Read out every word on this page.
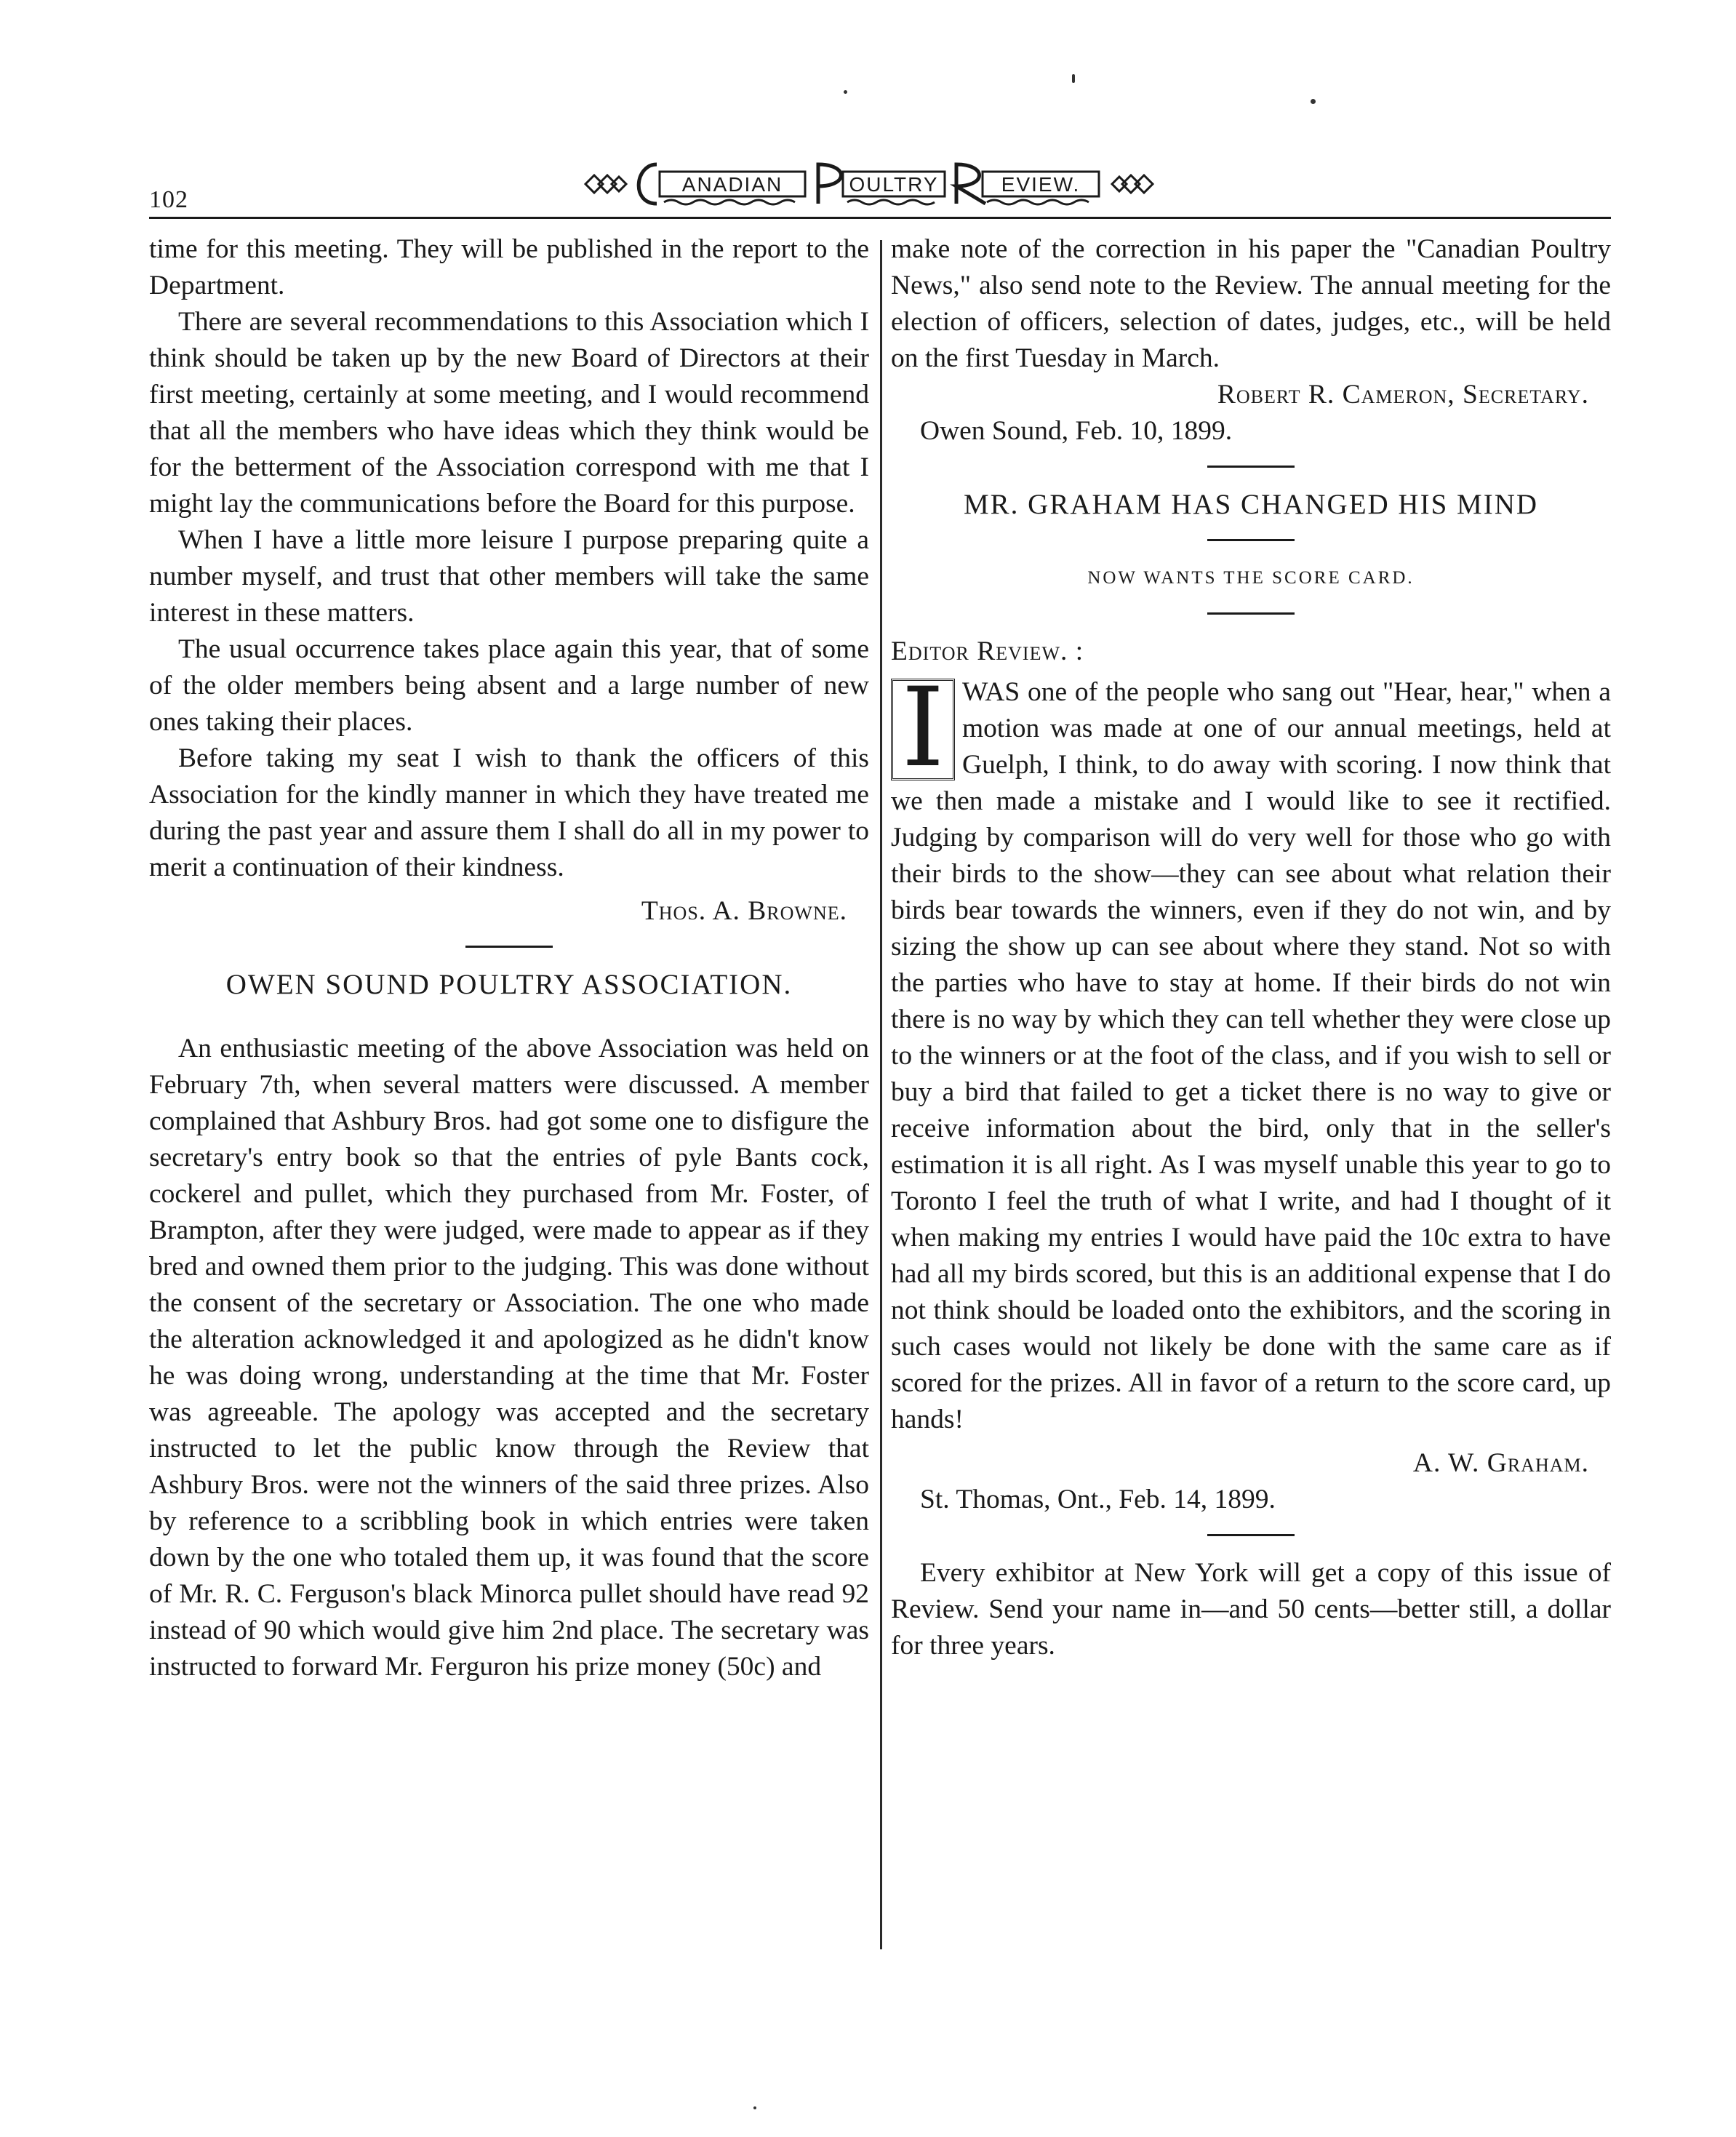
102
ANADIAN	OULTRY	EVIEW.

time for this meeting. They will be published in the report to the Department.

There are several recommendations to this Association which I think should be taken up by the new Board of Directors at their first meeting, certainly at some meeting, and I would recommend that all the members who have ideas which they think would be for the betterment of the Association correspond with me that I might lay the communications before the Board for this purpose.

When I have a little more leisure I purpose preparing quite a number myself, and trust that other members will take the same interest in these matters.

The usual occurrence takes place again this year, that of some of the older members being absent and a large number of new ones taking their places.

Before taking my seat I wish to thank the officers of this Association for the kindly manner in which they have treated me during the past year and assure them I shall do all in my power to merit a continuation of their kindness.

Thos. A. Browne.

OWEN SOUND POULTRY ASSOCIATION.

An enthusiastic meeting of the above Association was held on February 7th, when several matters were discussed. A member complained that Ashbury Bros. had got some one to disfigure the secretary's entry book so that the entries of pyle Bants cock, cockerel and pullet, which they purchased from Mr. Foster, of Brampton, after they were judged, were made to appear as if they bred and owned them prior to the judging. This was done without the consent of the secretary or Association. The one who made the alteration acknowledged it and apologized as he didn't know he was doing wrong, understanding at the time that Mr. Foster was agreeable. The apology was accepted and the secretary instructed to let the public know through the Review that Ashbury Bros. were not the winners of the said three prizes. Also by reference to a scribbling book in which entries were taken down by the one who totaled them up, it was found that the score of Mr. R. C. Ferguson's black Minorca pullet should have read 92 instead of 90 which would give him 2nd place. The secretary was instructed to forward Mr. Ferguron his prize money (50c) and

make note of the correction in his paper the "Canadian Poultry News," also send note to the Review. The annual meeting for the election of officers, selection of dates, judges, etc., will be held on the first Tuesday in March.

Robert R. Cameron, Secretary.

Owen Sound, Feb. 10, 1899.

MR. GRAHAM HAS CHANGED HIS MIND

NOW WANTS THE SCORE CARD.

Editor Review. :

I WAS one of the people who sang out "Hear, hear," when a motion was made at one of our annual meetings, held at Guelph, I think, to do away with scoring. I now think that we then made a mistake and I would like to see it rectified. Judging by comparison will do very well for those who go with their birds to the show—they can see about what relation their birds bear towards the winners, even if they do not win, and by sizing the show up can see about where they stand. Not so with the parties who have to stay at home. If their birds do not win there is no way by which they can tell whether they were close up to the winners or at the foot of the class, and if you wish to sell or buy a bird that failed to get a ticket there is no way to give or receive information about the bird, only that in the seller's estimation it is all right. As I was myself unable this year to go to Toronto I feel the truth of what I write, and had I thought of it when making my entries I would have paid the 10c extra to have had all my birds scored, but this is an additional expense that I do not think should be loaded onto the exhibitors, and the scoring in such cases would not likely be done with the same care as if scored for the prizes. All in favor of a return to the score card, up hands!

A. W. Graham.

St. Thomas, Ont., Feb. 14, 1899.

Every exhibitor at New York will get a copy of this issue of Review. Send your name in—and 50 cents—better still, a dollar for three years.
